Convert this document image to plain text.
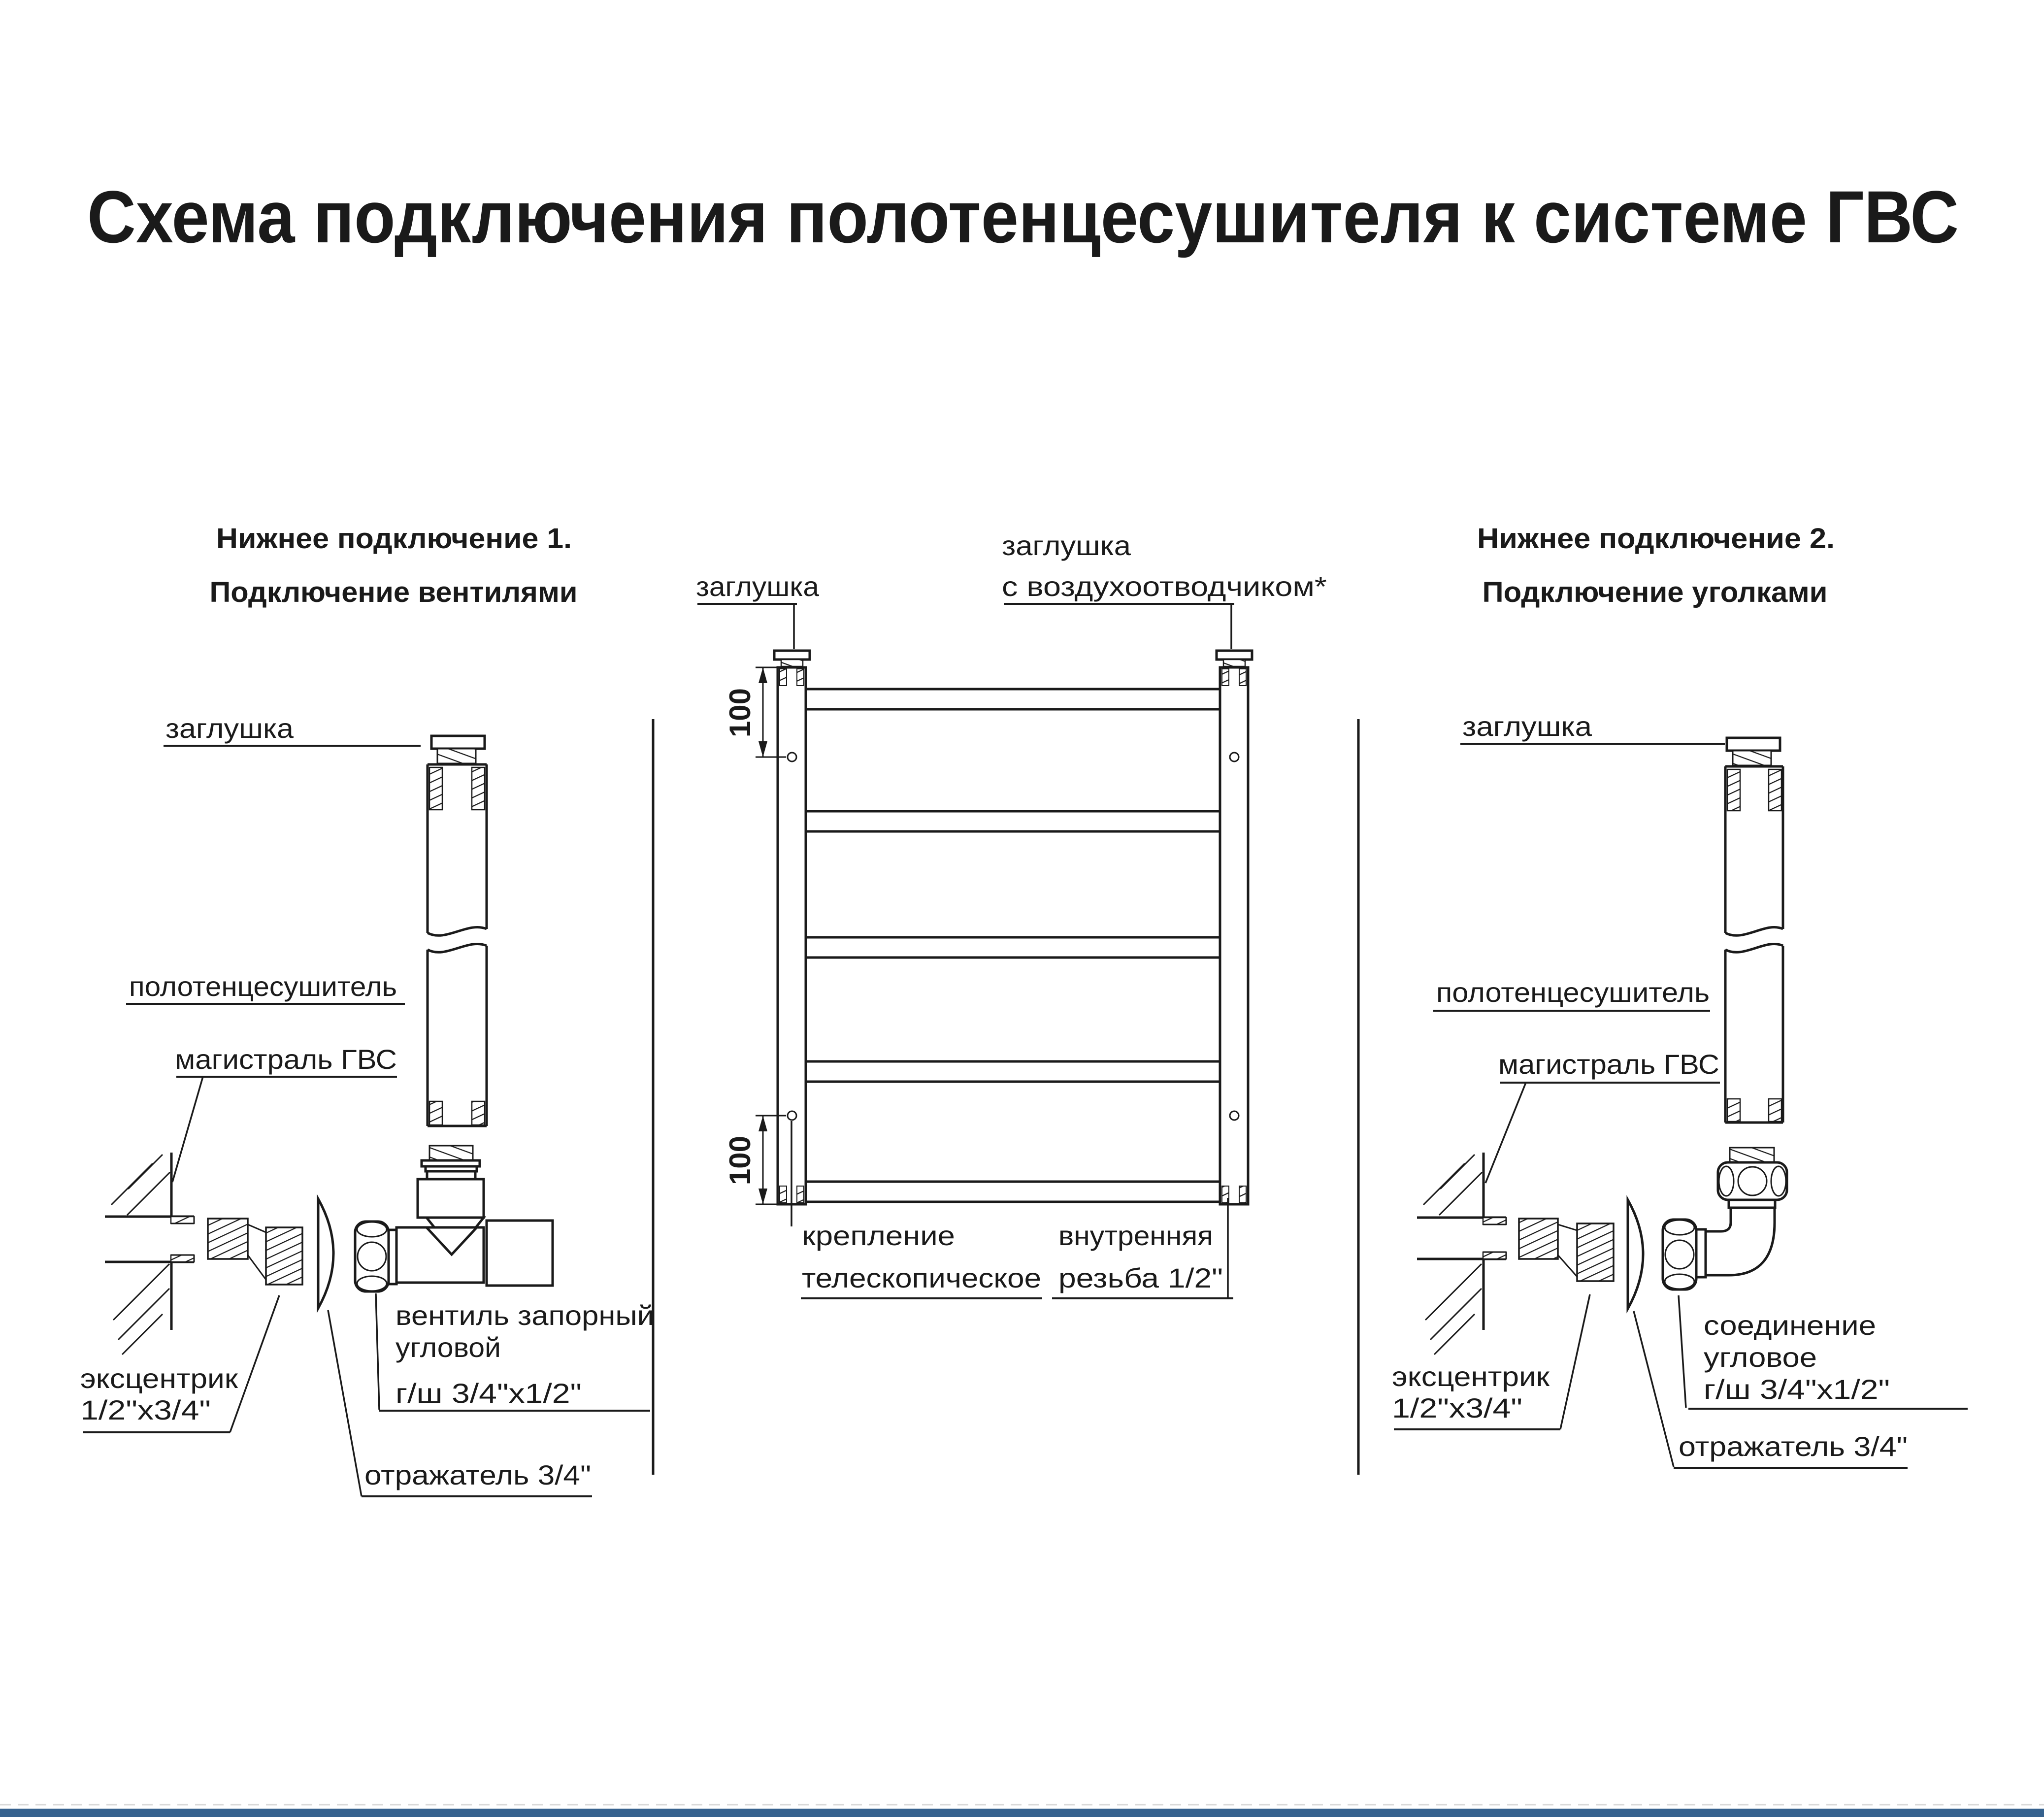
Схема подключения полотенцесушителя к системе ГВС
Нижнее подключение 1.
Подключение вентилями
заглушка
полотенцесушитель
магистраль ГВС
эксцентрик
1/2"х3/4"
вентиль запорный
угловой
г/ш 3/4"х1/2"
отражатель 3/4"
заглушка
заглушка
с воздухоотводчиком*
100
100
крепление
телескопическое
внутренняя
резьба 1/2"
Нижнее подключение 2.
Подключение уголками
заглушка
полотенцесушитель
магистраль ГВС
эксцентрик
1/2"х3/4"
соединение
угловое
г/ш 3/4"х1/2"
отражатель 3/4"
